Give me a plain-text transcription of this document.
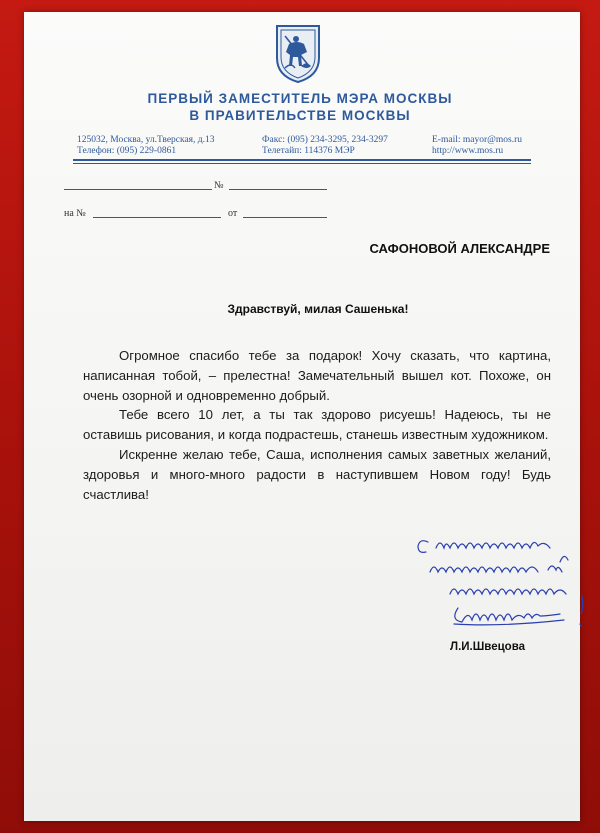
ПЕРВЫЙ ЗАМЕСТИТЕЛЬ МЭРА МОСКВЫ
В ПРАВИТЕЛЬСТВЕ МОСКВЫ
125032, Москва, ул.Тверская, д.13
Телефон: (095) 229-0861
Факс: (095) 234-3295, 234-3297
Телетайп: 114376 МЭР
E-mail: mayor@mos.ru
http://www.mos.ru
№
на №	от
САФОНОВОЙ АЛЕКСАНДРЕ
Здравствуй, милая Сашенька!

Огромное спасибо тебе за подарок! Хочу сказать, что картина, написанная тобой, – прелестна! Замечательный вышел кот. Похоже, он очень озорной и одновременно добрый.

Тебе всего 10 лет, а ты так здорово рисуешь! Надеюсь, ты не оставишь рисования, и когда подрастешь, станешь известным художником.

Искренне желаю тебе, Саша, исполнения самых заветных желаний, здоровья и много-много радости в наступившем Новом году! Будь счастлива!

Л.И.Швецова
